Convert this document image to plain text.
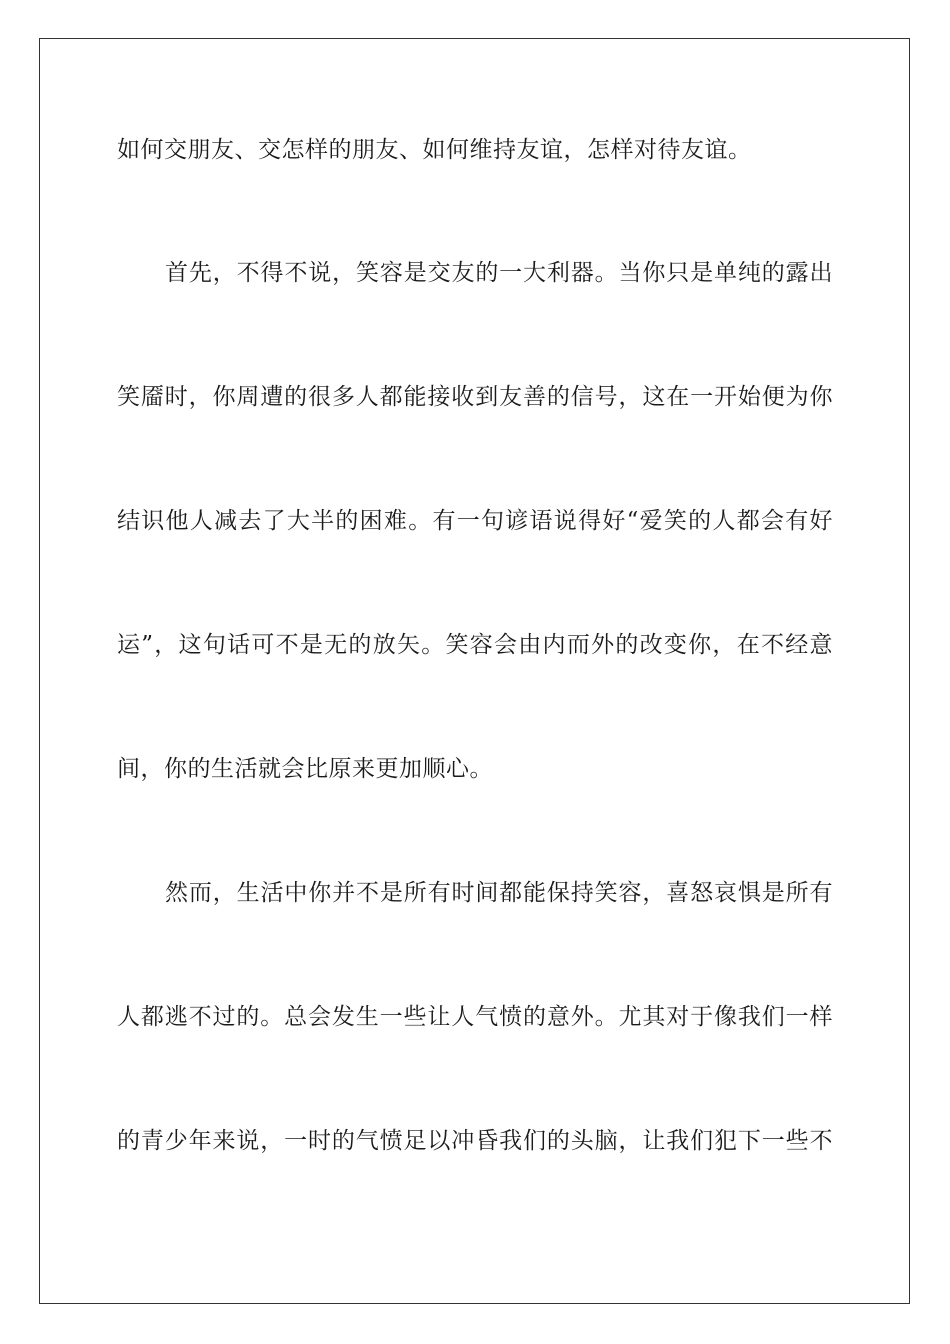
如何交朋友、交怎样的朋友、如何维持友谊，怎样对待友谊。
首先，不得不说，笑容是交友的一大利器。当你只是单纯的露出
笑靥时，你周遭的很多人都能接收到友善的信号，这在一开始便为你
结识他人减去了大半的困难。有一句谚语说得好“爱笑的人都会有好
运”，这句话可不是无的放矢。笑容会由内而外的改变你，在不经意
间，你的生活就会比原来更加顺心。
然而，生活中你并不是所有时间都能保持笑容，喜怒哀惧是所有
人都逃不过的。总会发生一些让人气愤的意外。尤其对于像我们一样
的青少年来说，一时的气愤足以冲昏我们的头脑，让我们犯下一些不
